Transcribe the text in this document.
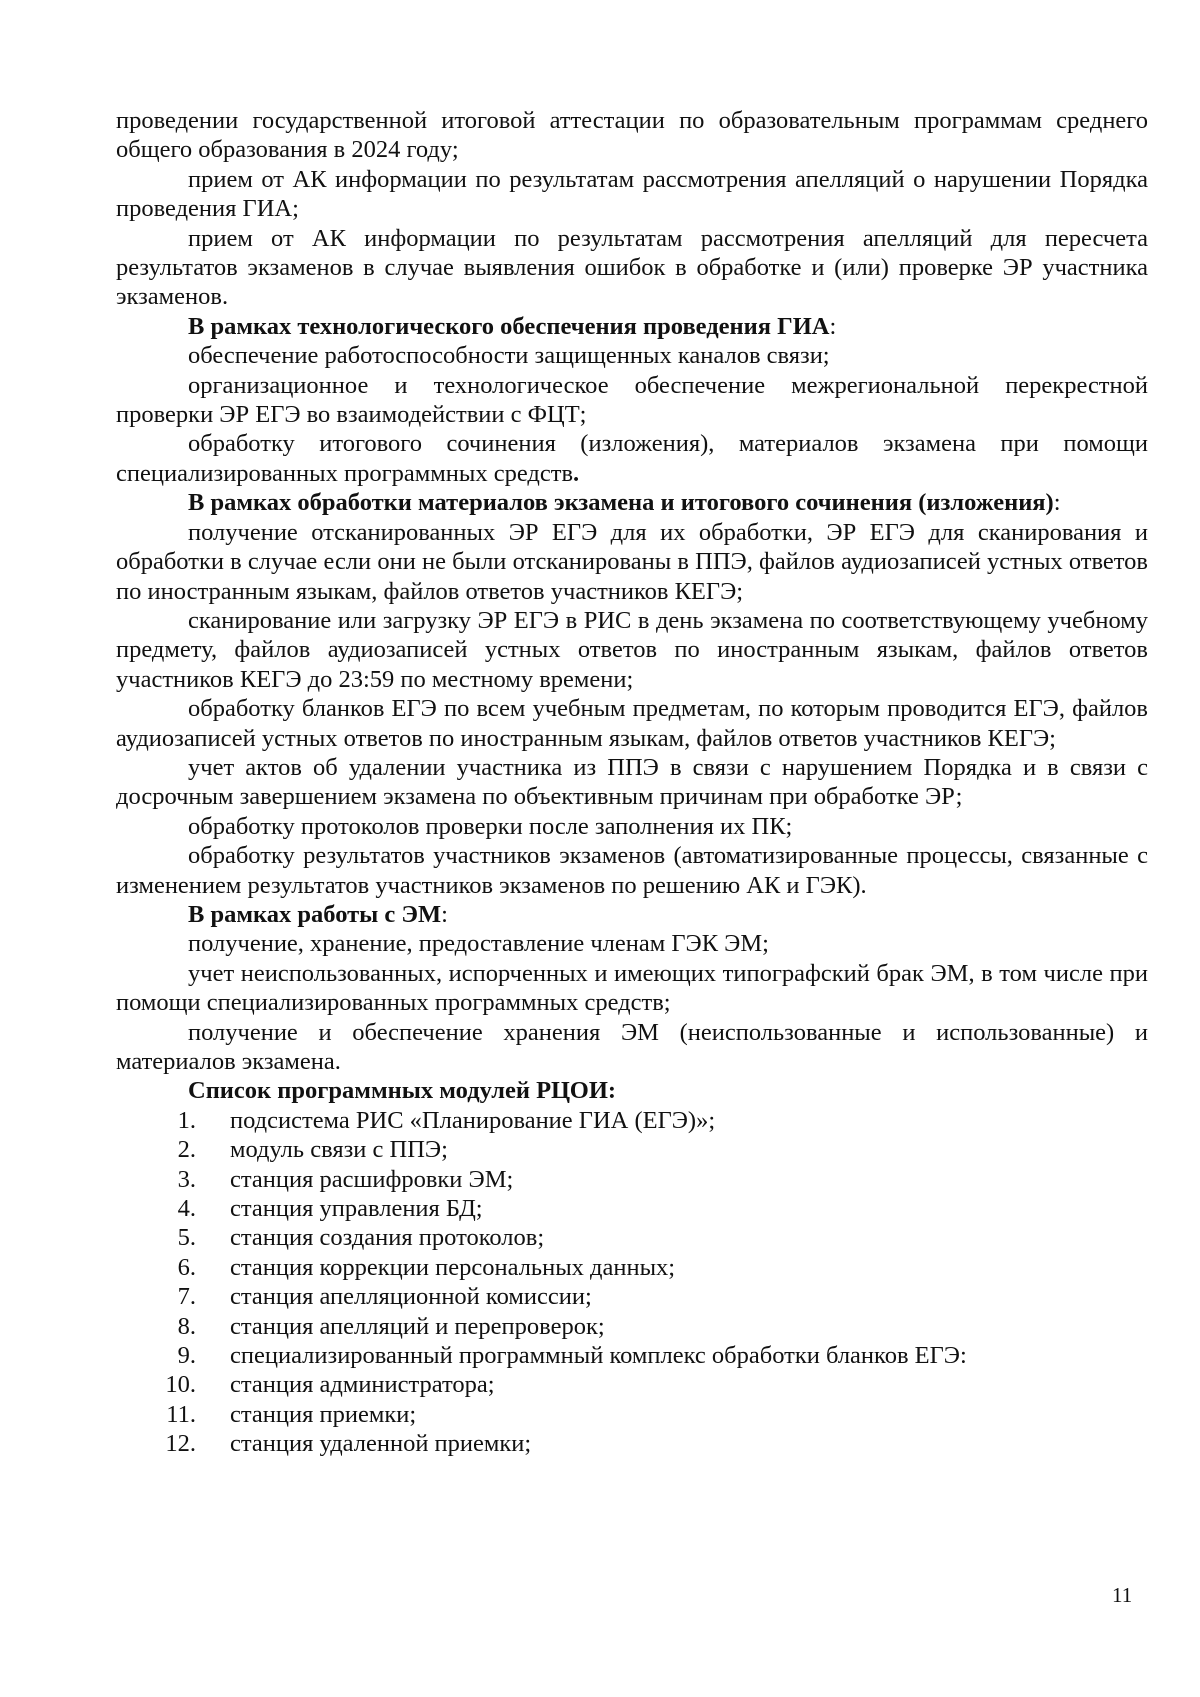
проведении государственной итоговой аттестации по образовательным программам среднего общего образования в 2024 году;

прием от АК информации по результатам рассмотрения апелляций о нарушении Порядка проведения ГИА;

прием от АК информации по результатам рассмотрения апелляций для пересчета результатов экзаменов в случае выявления ошибок в обработке и (или) проверке ЭР участника экзаменов.

В рамках технологического обеспечения проведения ГИА:

обеспечение работоспособности защищенных каналов связи;

организационное и технологическое обеспечение межрегиональной перекрестной проверки ЭР ЕГЭ во взаимодействии с ФЦТ;

обработку итогового сочинения (изложения), материалов экзамена при помощи специализированных программных средств.

В рамках обработки материалов экзамена и итогового сочинения (изложения):

получение отсканированных ЭР ЕГЭ для их обработки, ЭР ЕГЭ для сканирования и обработки в случае если они не были отсканированы в ППЭ, файлов аудиозаписей устных ответов по иностранным языкам, файлов ответов участников КЕГЭ;

сканирование или загрузку ЭР ЕГЭ в РИС в день экзамена по соответствующему учебному предмету, файлов аудиозаписей устных ответов по иностранным языкам, файлов ответов участников КЕГЭ до 23:59 по местному времени;

обработку бланков ЕГЭ по всем учебным предметам, по которым проводится ЕГЭ, файлов аудиозаписей устных ответов по иностранным языкам, файлов ответов участников КЕГЭ;

учет актов об удалении участника из ППЭ в связи с нарушением Порядка и в связи с досрочным завершением экзамена по объективным причинам при обработке ЭР;

обработку протоколов проверки после заполнения их ПК;

обработку результатов участников экзаменов (автоматизированные процессы, связанные с изменением результатов участников экзаменов по решению АК и ГЭК).

В рамках работы с ЭМ:

получение, хранение, предоставление членам ГЭК ЭМ;

учет неиспользованных, испорченных и имеющих типографский брак ЭМ, в том числе при помощи специализированных программных средств;

получение и обеспечение хранения ЭМ (неиспользованные и использованные) и материалов экзамена.

Список программных модулей РЦОИ:

1. подсистема РИС «Планирование ГИА (ЕГЭ)»;
2. модуль связи с ППЭ;
3. станция расшифровки ЭМ;
4. станция управления БД;
5. станция создания протоколов;
6. станция коррекции персональных данных;
7. станция апелляционной комиссии;
8. станция апелляций и перепроверок;
9. специализированный программный комплекс обработки бланков ЕГЭ:
10. станция администратора;
11. станция приемки;
12. станция удаленной приемки;
11
